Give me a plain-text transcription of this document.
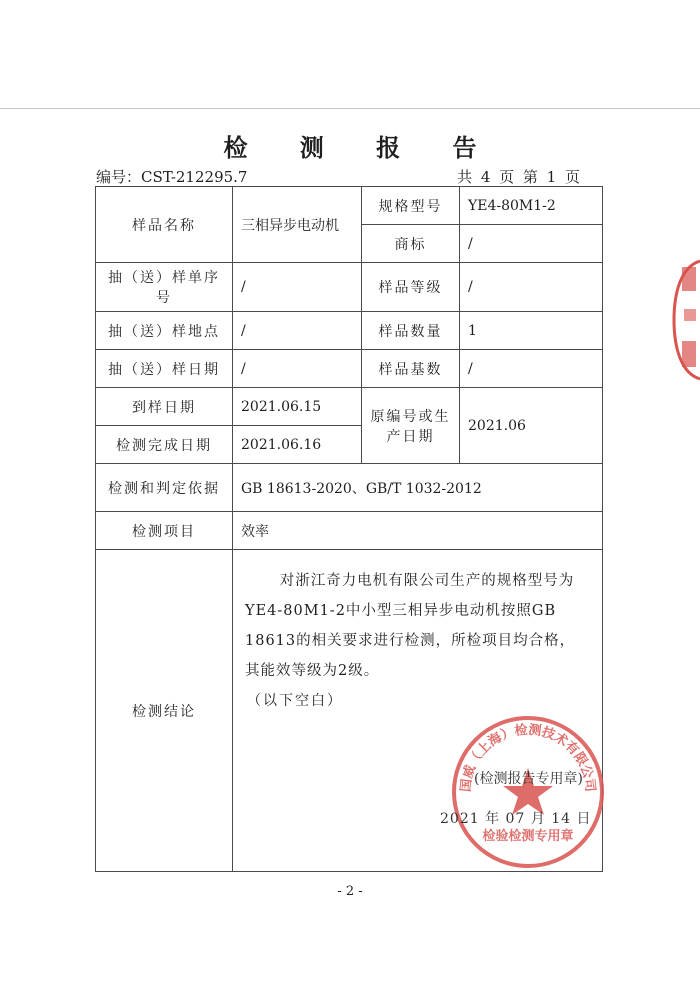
检 测 报 告
编号：CST-212295.7	共 4 页 第 1 页
样品名称	三相异步电动机	规格型号	YE4-80M1-2
		商标	/
抽（送）样单序号	/	样品等级	/
抽（送）样地点	/	样品数量	1
抽（送）样日期	/	样品基数	/
到样日期	2021.06.15	原编号或生产日期	2021.06
检测完成日期	2021.06.16		
检测和判定依据	GB 18613-2020、GB/T 1032-2012		
检测项目	效率		
检测结论	对浙江奇力电机有限公司生产的规格型号为YE4-80M1-2中小型三相异步电动机按照GB 18613的相关要求进行检测，所检项目均合格，其能效等级为2级。
（以下空白）		
国威（上海）检测技术有限公司
检验检测专用章
(检测报告专用章)
2021 年 07 月 14 日
- 2 -
